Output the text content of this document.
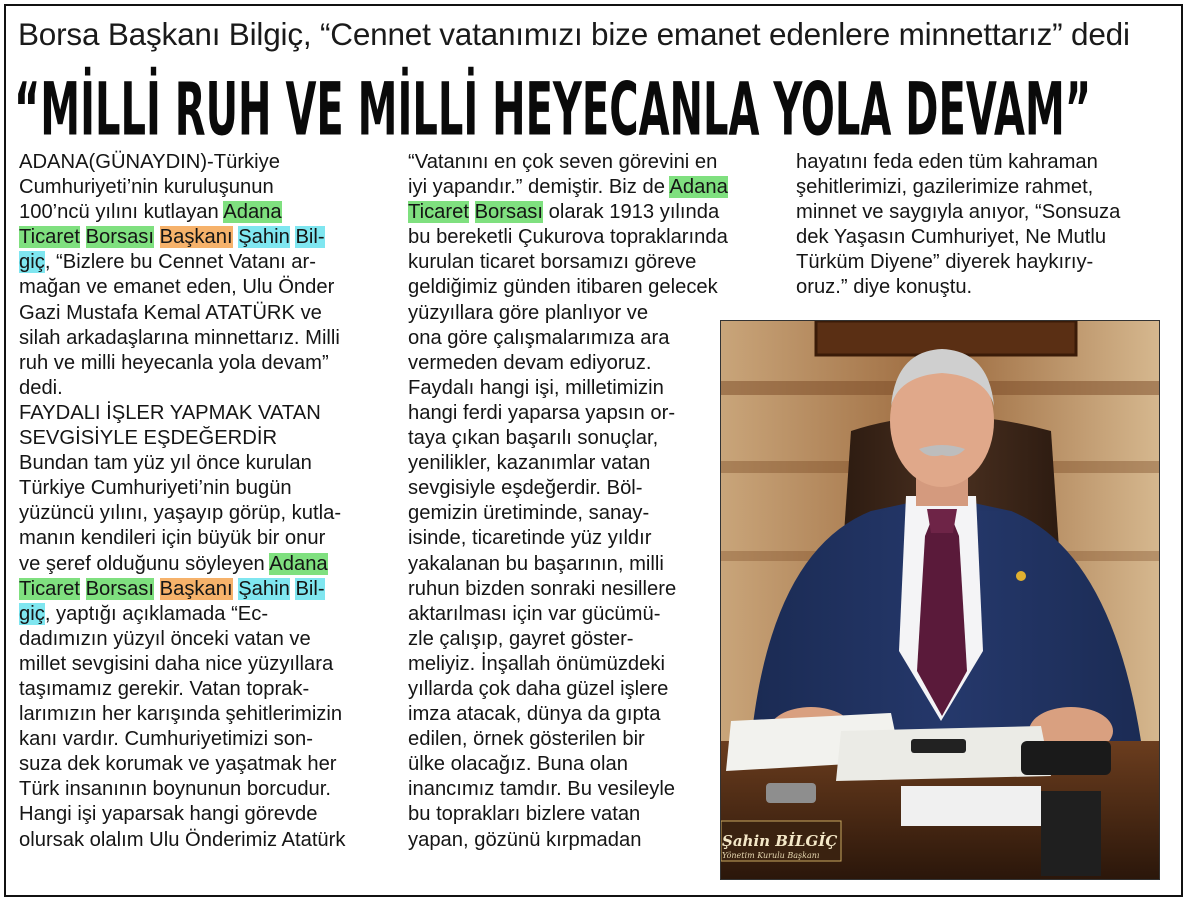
Borsa Başkanı Bilgiç, “Cennet vatanımızı bize emanet edenlere minnettarız” dedi
“MİLLİ RUH VE MİLLİ HEYECANLA YOLA DEVAM”

ADANA(GÜNAYDIN)-Türkiye

Cumhuriyeti’nin kuruluşunun

100’ncü yılını kutlayan Adana

Ticaret Borsası Başkanı Şahin Bil-

giç, “Bizlere bu Cennet Vatanı ar-

mağan ve emanet eden, Ulu Önder

Gazi Mustafa Kemal ATATÜRK ve

silah arkadaşlarına minnettarız. Milli

ruh ve milli heyecanla yola devam”

dedi.

FAYDALI İŞLER YAPMAK VATAN

SEVGİSİYLE EŞDEĞERDİR

Bundan tam yüz yıl önce kurulan

Türkiye Cumhuriyeti’nin bugün

yüzüncü yılını, yaşayıp görüp, kutla-

manın kendileri için büyük bir onur

ve şeref olduğunu söyleyen Adana

Ticaret Borsası Başkanı Şahin Bil-

giç, yaptığı açıklamada “Ec-

dadımızın yüzyıl önceki vatan ve

millet sevgisini daha nice yüzyıllara

taşımamız gerekir. Vatan toprak-

larımızın her karışında şehitlerimizin

kanı vardır. Cumhuriyetimizi son-

suza dek korumak ve yaşatmak her

Türk insanının boynunun borcudur.

Hangi işi yaparsak hangi görevde

olursak olalım Ulu Önderimiz Atatürk

“Vatanını en çok seven görevini en

iyi yapandır.” demiştir. Biz de Adana

Ticaret Borsası olarak 1913 yılında

bu bereketli Çukurova topraklarında

kurulan ticaret borsamızı göreve

geldiğimiz günden itibaren gelecek

yüzyıllara göre planlıyor ve

ona göre çalışmalarımıza ara

vermeden devam ediyoruz.

Faydalı hangi işi, milletimizin

hangi ferdi yaparsa yapsın or-

taya çıkan başarılı sonuçlar,

yenilikler, kazanımlar vatan

sevgisiyle eşdeğerdir. Böl-

gemizin üretiminde, sanay-

isinde, ticaretinde yüz yıldır

yakalanan bu başarının, milli

ruhun bizden sonraki nesillere

aktarılması için var gücümü-

zle çalışıp, gayret göster-

meliyiz. İnşallah önümüzdeki

yıllarda çok daha güzel işlere

imza atacak, dünya da gıpta

edilen, örnek gösterilen bir

ülke olacağız. Buna olan

inancımız tamdır. Bu vesileyle

bu toprakları bizlere vatan

yapan, gözünü kırpmadan

hayatını feda eden tüm kahraman

şehitlerimizi, gazilerimize rahmet,

minnet ve saygıyla anıyor, “Sonsuza

dek Yaşasın Cumhuriyet, Ne Mutlu

Türküm Diyene” diyerek haykırıy-

oruz.” diye konuştu.

Şahin BİLGİÇ
Yönetim Kurulu Başkanı
